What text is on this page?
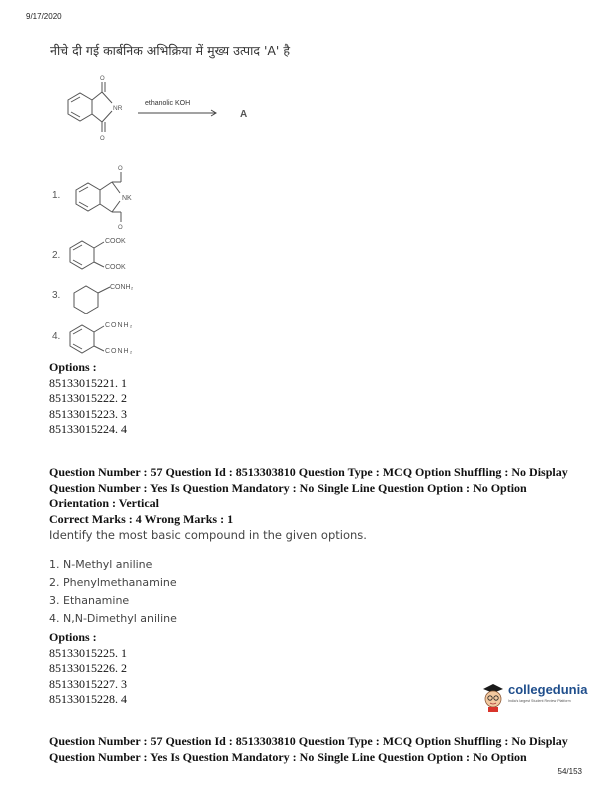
9/17/2020
नीचे दी गई कार्बनिक अभिक्रिया में मुख्य उत्पाद 'A' है
O
O
NR
ethanolic KOH
A
1.
O
O
NK
2.
COOK
COOK
3.
CONH₂
4.
CONH₂
CONH₂
Options :
85133015221. 1
85133015222. 2
85133015223. 3
85133015224. 4
Question Number : 57 Question Id : 8513303810 Question Type : MCQ Option Shuffling : No Display
Question Number : Yes Is Question Mandatory : No Single Line Question Option : No Option
Orientation : Vertical
Correct Marks : 4 Wrong Marks : 1
Identify the most basic compound in the given options.
1. N-Methyl aniline
2. Phenylmethanamine
3. Ethanamine
4. N,N-Dimethyl aniline
Options :
85133015225. 1
85133015226. 2
85133015227. 3
85133015228. 4
collegedunia
India's largest Student Review Platform
Question Number : 57 Question Id : 8513303810 Question Type : MCQ Option Shuffling : No Display
Question Number : Yes Is Question Mandatory : No Single Line Question Option : No Option
54/153
